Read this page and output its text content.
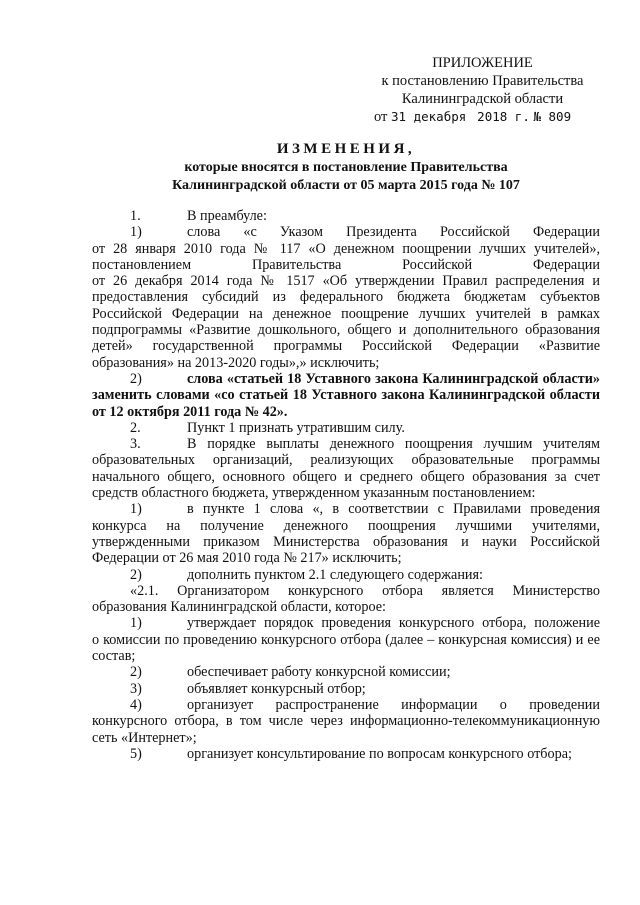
ПРИЛОЖЕНИЕ
к постановлению Правительства
Калининградской области
от 31 декабря 2018 г. № 809
ИЗМЕНЕНИЯ,
которые вносятся в постановление Правительства
Калининградской области от 05 марта 2015 года № 107
1.	В преамбуле:
1)	слова «с Указом Президента Российской Федерации

от 28 января 2010 года № 117 «О денежном поощрении лучших учителей»,

постановлением Правительства Российской Федерации

от 26 декабря 2014 года № 1517 «Об утверждении Правил распределения и предоставления субсидий из федерального бюджета бюджетам субъектов Российской Федерации на денежное поощрение лучших учителей в рамках подпрограммы «Развитие дошкольного, общего и дополнительного образования детей» государственной программы Российской Федерации «Развитие образования» на 2013-2020 годы»,» исключить;

2)	слова «статьей 18 Уставного закона Калининградской области»

заменить словами «со статьей 18 Уставного закона Калининградской области от 12 октября 2011 года № 42».

2.	Пункт 1 признать утратившим силу.
3.	В порядке выплаты денежного поощрения лучшим учителям

образовательных организаций, реализующих образовательные программы начального общего, основного общего и среднего общего образования за счет средств областного бюджета, утвержденном указанным постановлением:

1)	в пункте 1 слова «, в соответствии с Правилами проведения

конкурса на получение денежного поощрения лучшими учителями, утвержденными приказом Министерства образования и науки Российской Федерации от 26 мая 2010 года № 217» исключить;

2)	дополнить пунктом 2.1 следующего содержания:

«2.1. Организатором конкурсного отбора является Министерство образования Калининградской области, которое:

1)	утверждает порядок проведения конкурсного отбора, положение

о комиссии по проведению конкурсного отбора (далее – конкурсная комиссия) и ее состав;

2)	обеспечивает работу конкурсной комиссии;
3)	объявляет конкурсный отбор;
4)	организует распространение информации о проведении

конкурсного отбора, в том числе через информационно-телекоммуникационную сеть «Интернет»;

5)	организует консультирование по вопросам конкурсного отбора;
